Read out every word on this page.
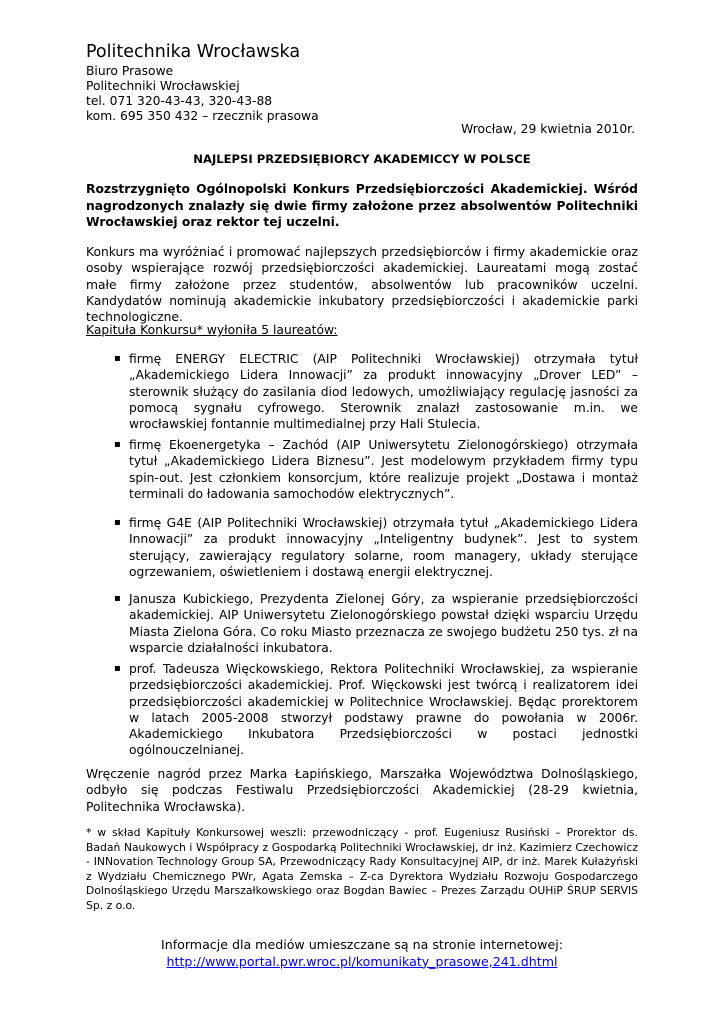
Politechnika Wrocławska
Biuro Prasowe
Politechniki Wrocławskiej
tel. 071 320-43-43, 320-43-88
kom. 695 350 432 – rzecznik prasowa
Wrocław, 29 kwietnia 2010r.
NAJLEPSI PRZEDSIĘBIORCY AKADEMICCY W POLSCE
Rozstrzygnięto Ogólnopolski Konkurs Przedsiębiorczości Akademickiej. Wśród nagrodzonych znalazły się dwie firmy założone przez absolwentów Politechniki Wrocławskiej oraz rektor tej uczelni.
Konkurs ma wyróżniać i promować najlepszych przedsiębiorców i firmy akademickie oraz osoby wspierające rozwój przedsiębiorczości akademickiej. Laureatami mogą zostać małe firmy założone przez studentów, absolwentów lub pracowników uczelni. Kandydatów nominują akademickie inkubatory przedsiębiorczości i akademickie parki technologiczne.
Kapituła Konkursu* wyłoniła 5 laureatów:
▪ firmę ENERGY ELECTRIC (AIP Politechniki Wrocławskiej) otrzymała tytuł „Akademickiego Lidera Innowacji” za produkt innowacyjny „Drover LED” – sterownik służący do zasilania diod ledowych, umożliwiający regulację jasności za pomocą sygnału cyfrowego. Sterownik znalazł zastosowanie m.in. we wrocławskiej fontannie multimedialnej przy Hali Stulecia.
▪ firmę Ekoenergetyka – Zachód (AIP Uniwersytetu Zielonogórskiego) otrzymała tytuł „Akademickiego Lidera Biznesu”. Jest modelowym przykładem firmy typu spin-out. Jest członkiem konsorcjum, które realizuje projekt „Dostawa i montaż terminali do ładowania samochodów elektrycznych”.
▪ firmę G4E (AIP Politechniki Wrocławskiej) otrzymała tytuł „Akademickiego Lidera Innowacji” za produkt innowacyjny „Inteligentny budynek”. Jest to system sterujący, zawierający regulatory solarne, room managery, układy sterujące ogrzewaniem, oświetleniem i dostawą energii elektrycznej.
▪ Janusza Kubickiego, Prezydenta Zielonej Góry, za wspieranie przedsiębiorczości akademickiej. AIP Uniwersytetu Zielonogórskiego powstał dzięki wsparciu Urzędu Miasta Zielona Góra. Co roku Miasto przeznacza ze swojego budżetu 250 tys. zł na wsparcie działalności inkubatora.
▪ prof. Tadeusza Więckowskiego, Rektora Politechniki Wrocławskiej, za wspieranie przedsiębiorczości akademickiej. Prof. Więckowski jest twórcą i realizatorem idei przedsiębiorczości akademickiej w Politechnice Wrocławskiej. Będąc prorektorem w latach 2005-2008 stworzył podstawy prawne do powołania w 2006r. Akademickiego Inkubatora Przedsiębiorczości w postaci jednostki ogólnouczelnianej.
Wręczenie nagród przez Marka Łapińskiego, Marszałka Województwa Dolnośląskiego, odbyło się podczas Festiwalu Przedsiębiorczości Akademickiej (28-29 kwietnia, Politechnika Wrocławska).
* w skład Kapituły Konkursowej weszli: przewodniczący - prof. Eugeniusz Rusiński – Prorektor ds. Badań Naukowych i Współpracy z Gospodarką Politechniki Wrocławskiej, dr inż. Kazimierz Czechowicz - INNovation Technology Group SA, Przewodniczący Rady Konsultacyjnej AIP, dr inż. Marek Kułażyński z Wydziału Chemicznego PWr, Agata Zemska – Z-ca Dyrektora Wydziału Rozwoju Gospodarczego Dolnośląskiego Urzędu Marszałkowskiego oraz Bogdan Bawiec – Prezes Zarządu OUHiP ŚRUP SERVIS Sp. z o.o.
Informacje dla mediów umieszczane są na stronie internetowej:
http://www.portal.pwr.wroc.pl/komunikaty_prasowe,241.dhtml
